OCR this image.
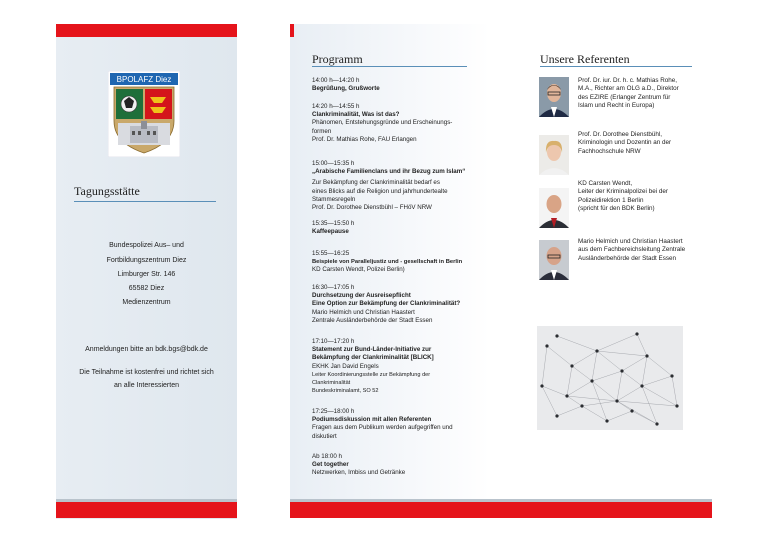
BPOLAFZ Diez
Tagungsstätte
Bundespolizei Aus– und
Fortbildungszentrum Diez
Limburger Str. 146
65582 Diez
Medienzentrum
Anmeldungen bitte an bdk.bgs@bdk.de
Die Teilnahme ist kostenfrei und richtet sich
an alle Interessierten
Programm
14:00 h—14:20 h
Begrüßung, Grußworte
14:20 h—14:55 h
Clankriminalität, Was ist das?
Phänomen, Entstehungsgründe und Erscheinungs-
formen
Prof. Dr. Mathias Rohe, FAU Erlangen
15:00—15:35 h
„Arabische Familienclans und ihr Bezug zum Islam“
Zur Bekämpfung der Clankriminalität bedarf es
eines Blicks auf die Religion und jahrhundertealte
Stammesregeln
Prof. Dr. Dorothee Dienstbühl – FHöV NRW
15:35—15:50 h
Kaffeepause
15:55—16:25
Beispiele von Paralleljustiz und - gesellschaft in Berlin
KD Carsten Wendt, Polizei Berlin)
16:30—17:05 h
Durchsetzung der Ausreisepflicht
Eine Option zur Bekämpfung der Clankriminalität?
Mario Helmich und Christian Haastert
Zentrale Ausländerbehörde der Stadt Essen
17:10—17:20 h
Statement zur Bund-Länder-Initiative zur
Bekämpfung der Clankriminalität [BLICK]
EKHK Jan David Engels
Leiter Koordinierungsstelle zur Bekämpfung der
Clankriminalität
Bundeskriminalamt, SO 52
17:25—18:00 h
Podiumsdiskussion mit allen Referenten
Fragen aus dem Publikum werden aufgegriffen und
diskutiert
Ab 18:00 h
Get together
Netzwerken, Imbiss und Getränke
Unsere Referenten
Prof. Dr. iur. Dr. h. c. Mathias Rohe,
M.A., Richter am OLG a.D., Direktor
des EZIRE (Erlanger Zentrum für
Islam und Recht in Europa)
Prof. Dr. Dorothee Dienstbühl,
Kriminologin und Dozentin an der
Fachhochschule NRW
KD Carsten Wendt,
Leiter der Kriminalpolizei bei der
Polizeidirektion 1 Berlin
(spricht für den BDK Berlin)
Mario Helmich und Christian Haastert
aus dem Fachbereichsleitung Zentrale
Ausländerbehörde der Stadt Essen
